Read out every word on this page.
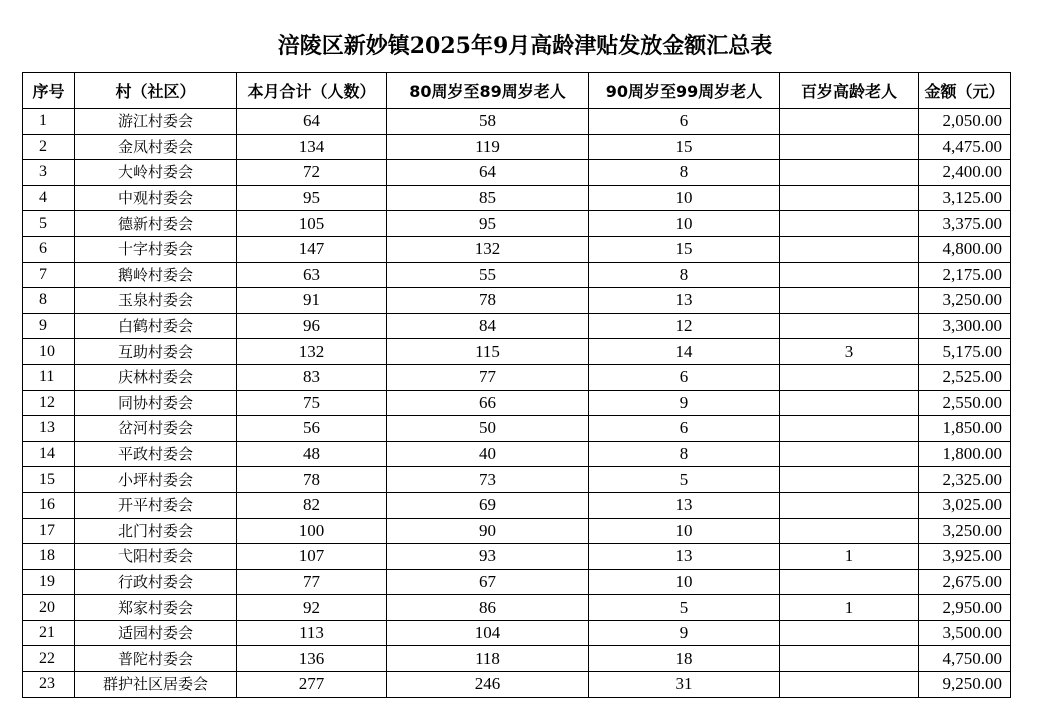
涪陵区新妙镇2025年9月高龄津贴发放金额汇总表
序号	村（社区）	本月合计（人数）	80周岁至89周岁老人	90周岁至99周岁老人	百岁高龄老人	金额（元）
1	游江村委会	64	58	6		2,050.00
2	金凤村委会	134	119	15		4,475.00
3	大岭村委会	72	64	8		2,400.00
4	中观村委会	95	85	10		3,125.00
5	德新村委会	105	95	10		3,375.00
6	十字村委会	147	132	15		4,800.00
7	鹅岭村委会	63	55	8		2,175.00
8	玉泉村委会	91	78	13		3,250.00
9	白鹤村委会	96	84	12		3,300.00
10	互助村委会	132	115	14	3	5,175.00
11	庆林村委会	83	77	6		2,525.00
12	同协村委会	75	66	9		2,550.00
13	岔河村委会	56	50	6		1,850.00
14	平政村委会	48	40	8		1,800.00
15	小坪村委会	78	73	5		2,325.00
16	开平村委会	82	69	13		3,025.00
17	北门村委会	100	90	10		3,250.00
18	弋阳村委会	107	93	13	1	3,925.00
19	行政村委会	77	67	10		2,675.00
20	郑家村委会	92	86	5	1	2,950.00
21	适园村委会	113	104	9		3,500.00
22	普陀村委会	136	118	18		4,750.00
23	群护社区居委会	277	246	31		9,250.00
